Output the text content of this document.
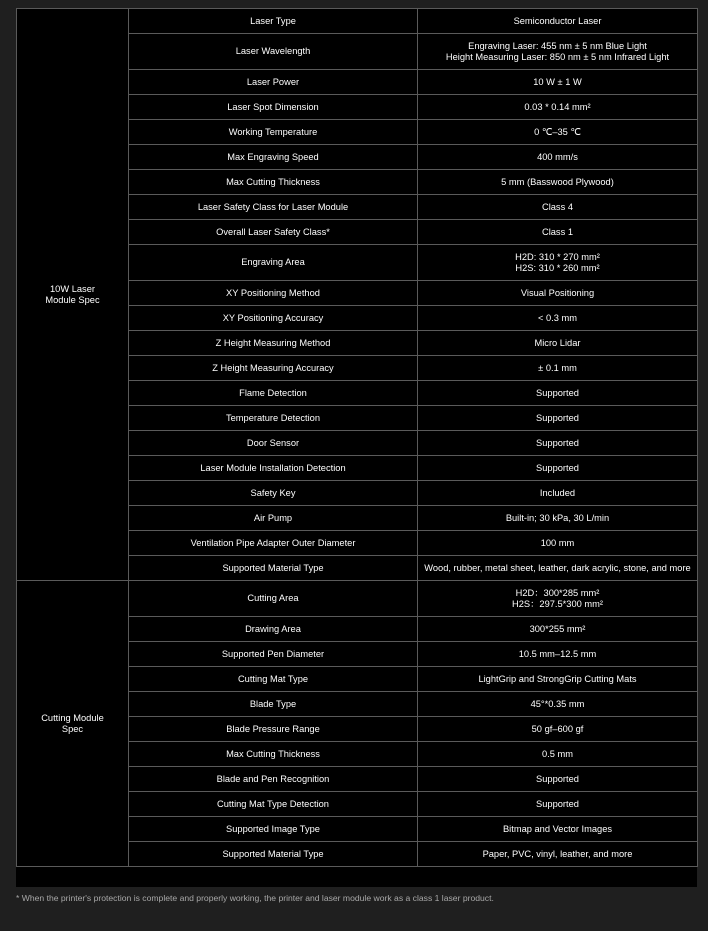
10W Laser
Module Spec	Laser Type	Semiconductor Laser

	Laser Wavelength	Engraving Laser: 455 nm ± 5 nm Blue Light
Height Measuring Laser: 850 nm ± 5 nm Infrared Light

	Laser Power	10 W ± 1 W

	Laser Spot Dimension	0.03 * 0.14 mm²

	Working Temperature	0 ℃–35 ℃

	Max Engraving Speed	400 mm/s

	Max Cutting Thickness	5 mm (Basswood Plywood)

	Laser Safety Class for Laser Module	Class 4

	Overall Laser Safety Class*	Class 1

	Engraving Area	H2D: 310 * 270 mm²
H2S: 310 * 260 mm²

	XY Positioning Method	Visual Positioning

	XY Positioning Accuracy	< 0.3 mm

	Z Height Measuring Method	Micro Lidar

	Z Height Measuring Accuracy	± 0.1 mm

	Flame Detection	Supported

	Temperature Detection	Supported

	Door Sensor	Supported

	Laser Module Installation Detection	Supported

	Safety Key	Included

	Air Pump	Built-in; 30 kPa, 30 L/min

	Ventilation Pipe Adapter Outer Diameter	100 mm

	Supported Material Type	Wood, rubber, metal sheet, leather, dark acrylic, stone, and more

Cutting Module
Spec	Cutting Area	H2D：300*285 mm²
H2S：297.5*300 mm²

	Drawing Area	300*255 mm²

	Supported Pen Diameter	10.5 mm–12.5 mm

	Cutting Mat Type	LightGrip and StrongGrip Cutting Mats

	Blade Type	45°*0.35 mm

	Blade Pressure Range	50 gf–600 gf

	Max Cutting Thickness	0.5 mm

	Blade and Pen Recognition	Supported

	Cutting Mat Type Detection	Supported

	Supported Image Type	Bitmap and Vector Images

	Supported Material Type	Paper, PVC, vinyl, leather, and more
* When the printer's protection is complete and properly working, the printer and laser module work as a class 1 laser product.
